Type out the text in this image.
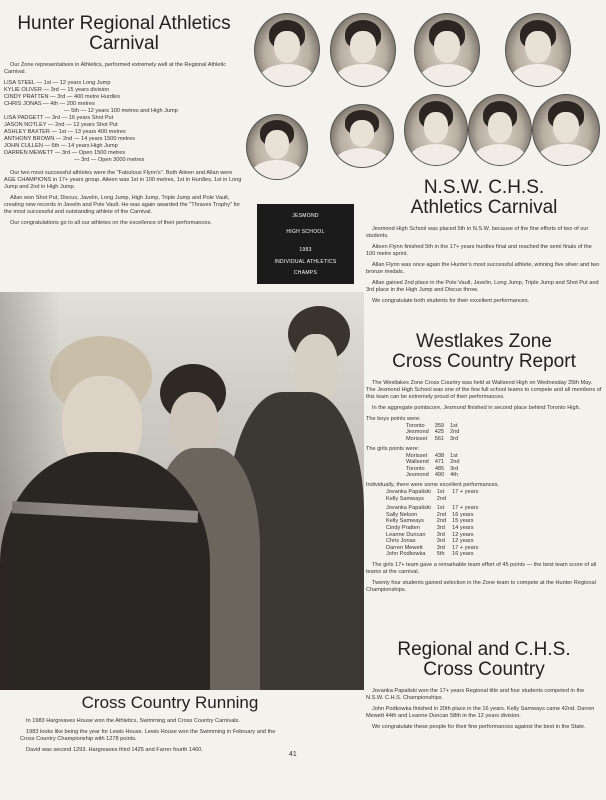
Hunter Regional Athletics
Carnival

Our Zone representatives in Athletics, performed extremely well at the Regional Athletic Carnival.

LISA STEEL — 1st — 12 years Long Jump
KYLIE OLIVER — 3rd — 15 years division
CINDY PRATTEN — 3rd — 400 metre Hurdles
CHRIS JONAS — 4th — 200 metres
— 5th — 12 years 100 metres and High Jump
LISA PADGETT — 3rd — 16 years Shot Put
JASON NOTLEY — 2nd — 12 years Shot Put
ASHLEY BAXTER — 1st — 13 years 400 metres
ANTHONY BROWN — 2nd — 14 years 1500 metres
JOHN CULLEN — 6th — 14 years High Jump
DARREN MEWETT — 3rd — Open 1500 metres
— 3rd — Open 3000 metres

Our two most successful athletes were the "Fabulous Flynn's". Both Aileen and Allan were AGE CHAMPIONS in 17+ years group. Aileen was 1st in 100 metres, 1st in Hurdles, 1st in Long Jump and 2nd in High Jump.

Allan won Shot Put, Discus, Javelin, Long Jump, High Jump, Triple Jump and Pole Vault, creating new records in Javelin and Pole Vault. He was again awarded the "Thraves Trophy" for the most successful and outstanding athlete of the Carnival.

Our congratulations go to all our athletes on the excellence of their performances.

JESMOND
HIGH SCHOOL
1983
INDIVIDUAL ATHLETICS
CHAMPS
N.S.W. C.H.S.
Athletics Carnival

Jesmond High School was placed 5th in N.S.W. because of the fine efforts of two of our students.

Aileen Flynn finished 5th in the 17+ years hurdles final and reached the semi finals of the 100 metre sprint.

Allan Flynn was once again the Hunter's most successful athlete, winning five silver and two bronze medals.

Allan gained 2nd place in the Pole Vault, Javelin, Long Jump, Triple Jump and Shot Put and 3rd place in the High Jump and Discus throw.

We congratulate both students for their excellent performances.

Westlakes Zone
Cross Country Report

The Westlakes Zone Cross Country was held at Wallsend High on Wednesday 25th May. The Jesmond High School was one of the few full school teams to compete and all members of this team can be extremely proud of their performances.

In the aggregate pointscore, Jesmond finished in second place behind Toronto High.

The boys points were:
Toronto	359	1st
Jesmond	425	2nd
Morisset	561	3rd
The girls points were:
Morisset	438	1st
Wallsend	471	2nd
Toronto	485	3rd
Jesmond	490	4th
Individually, there were some excellent performances.
Jovanka Papaliski	1st	17 + years
Kelly Samways	2nd	
Jovanka Papaliski	1st	17 + years
Sally Nelson	2nd	16 years
Kelly Samways	2nd	15 years
Cindy Pratten	3rd	14 years
Leanne Duncan	3rd	12 years
Chris Jonas	3rd	12 years
Darren Mewett	3rd	17 + years
John Podkowka	5th	16 years

The girls 17+ team gave a remarkable team effort of 45 points — the best team score of all teams at the carnival.

Twenty four students gained selection in the Zone team to compete at the Hunter Regional Championships.

Cross Country Running

In 1983 Hargreaves House won the Athletics, Swimming and Cross Country Carnivals.

1983 looks like being the year for Lewis House. Lewis House won the Swimming in February and the Cross Country Championship with 1278 points.

David was second 1293. Hargreaves third 1425 and Farrer fourth 1460.

41
Regional and C.H.S.
Cross Country

Jovanka Papaliski won the 17+ years Regional title and four students competed in the N.S.W. C.H.S. Championships.

John Podkowka finished in 20th place in the 16 years. Kelly Samways came 42nd. Darren Mewett 44th and Leanne Duncan 58th in the 12 years division.

We congratulate these people for their fine performances against the best in the State.
